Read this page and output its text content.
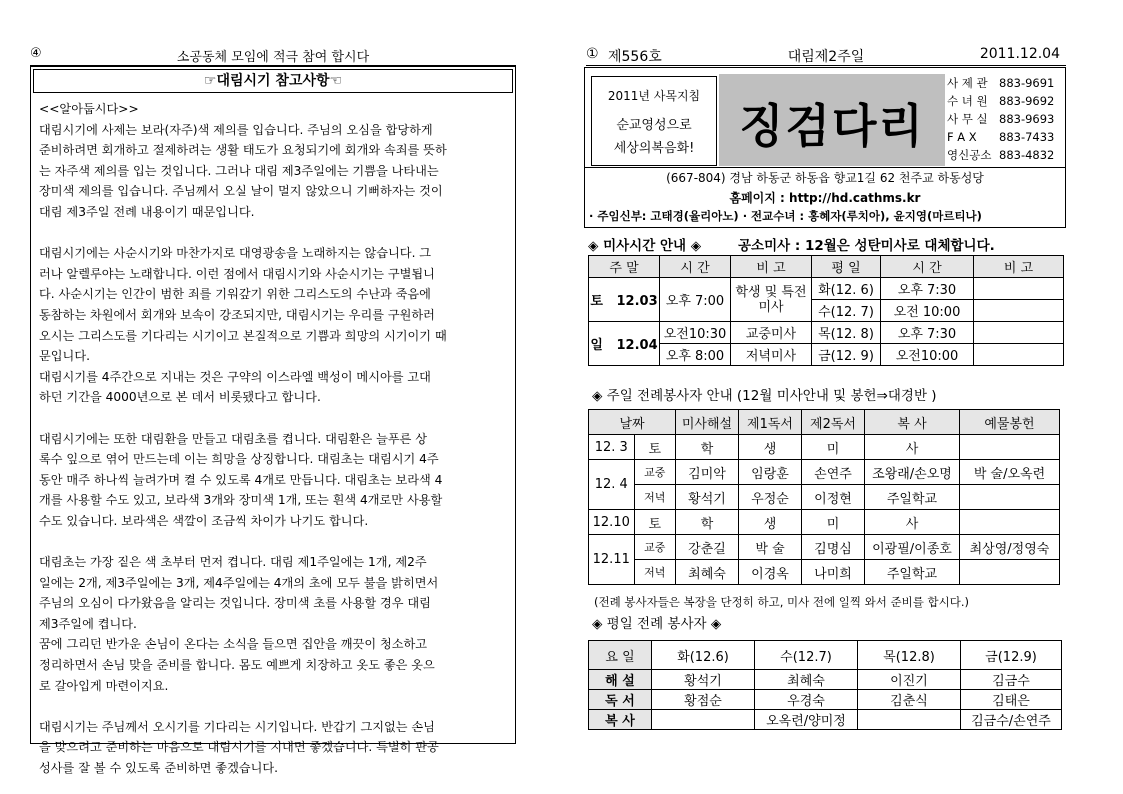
④	소공동체 모임에 적극 참여 합시다
☞대림시기 참고사항☜

<<알아둡시다>>

대림시기에 사제는 보라(자주)색 제의를 입습니다. 주님의 오심을 합당하게

준비하려면 회개하고 절제하려는 생활 태도가 요청되기에 회개와 속죄를 뜻하

는 자주색 제의를 입는 것입니다. 그러나 대림 제3주일에는 기쁨을 나타내는

장미색 제의를 입습니다. 주님께서 오실 날이 멀지 않았으니 기뻐하자는 것이

대림 제3주일 전례 내용이기 때문입니다.

대림시기에는 사순시기와 마찬가지로 대영광송을 노래하지는 않습니다. 그

러나 알렐루야는 노래합니다. 이런 점에서 대림시기와 사순시기는 구별됩니

다. 사순시기는 인간이 범한 죄를 기워갚기 위한 그리스도의 수난과 죽음에

동참하는 차원에서 회개와 보속이 강조되지만, 대림시기는 우리를 구원하러

오시는 그리스도를 기다리는 시기이고 본질적으로 기쁨과 희망의 시기이기 때

문입니다.

대림시기를 4주간으로 지내는 것은 구약의 이스라엘 백성이 메시아를 고대

하던 기간을 4000년으로 본 데서 비롯됐다고 합니다.

대림시기에는 또한 대림환을 만들고 대림초를 켭니다. 대림환은 늘푸른 상

록수 잎으로 엮어 만드는데 이는 희망을 상징합니다. 대림초는 대림시기 4주

동안 매주 하나씩 늘려가며 켤 수 있도록 4개로 만듭니다. 대림초는 보라색 4

개를 사용할 수도 있고, 보라색 3개와 장미색 1개, 또는 흰색 4개로만 사용할

수도 있습니다. 보라색은 색깔이 조금씩 차이가 나기도 합니다.

대림초는 가장 짙은 색 초부터 먼저 켭니다. 대림 제1주일에는 1개, 제2주

일에는 2개, 제3주일에는 3개, 제4주일에는 4개의 초에 모두 불을 밝히면서

주님의 오심이 다가왔음을 알리는 것입니다. 장미색 초를 사용할 경우 대림

제3주일에 켭니다.

꿈에 그리던 반가운 손님이 온다는 소식을 들으면 집안을 깨끗이 청소하고

정리하면서 손님 맞을 준비를 합니다. 몸도 예쁘게 치장하고 옷도 좋은 옷으

로 갈아입게 마련이지요.

대림시기는 주님께서 오시기를 기다리는 시기입니다. 반갑기 그지없는 손님

을 맞으려고 준비하는 마음으로 대림시기를 지내면 좋겠습니다. 특별히 판공

성사를 잘 볼 수 있도록 준비하면 좋겠습니다.

① 제556호	대림제2주일	2011.12.04
2011년 사목지침
순교영성으로
세상의복음화! 징검다리
사 제 관 883-9691
수 녀 원 883-9692
사 무 실 883-9693
F A X 883-7433
영신공소 883-4832
(667-804) 경남 하동군 하동읍 향교1길 62 천주교 하동성당
홈페이지 : http://hd.cathms.kr
· 주임신부: 고태경(율리아노) · 전교수녀 : 홍혜자(루치아), 윤지영(마르티나)
◈ 미사시간 안내 ◈	공소미사 : 12월은 성탄미사로 대체합니다.
주 말	시 간	비 고	평 일	시 간	비 고
토 12.03	오후 7:00	학생 및 특전미사	화(12. 6)	오후 7:30	
			수(12. 7)	오전 10:00	
일 12.04	오전10:30	교중미사	목(12. 8)	오후 7:30	
	오후 8:00	저녁미사	금(12. 9)	오전10:00	
◈ 주일 전례봉사자 안내 (12월 미사안내 및 봉헌⇒대경반 )
날짜		미사해설	제1독서	제2독서	복 사	예물봉헌
12. 3	토	학	생	미	사	
12. 4	교중	김미악	임랑훈	손연주	조왕래/손오명	박 술/오옥련
	저녁	황석기	우정순	이정현	주일학교	
12.10	토	학	생	미	사	
12.11	교중	강춘길	박 술	김명심	이광필/이종호	최상영/정영숙
	저녁	최혜숙	이경옥	나미희	주일학교	
(전례 봉사자들은 복장을 단정히 하고, 미사 전에 일찍 와서 준비를 합시다.)
◈ 평일 전례 봉사자 ◈
요 일	화(12.6)	수(12.7)	목(12.8)	금(12.9)
해 설	황석기	최혜숙	이진기	김금수
독 서	황점순	우경숙	김춘식	김태은
복 사		오옥련/양미정		김금수/손연주
